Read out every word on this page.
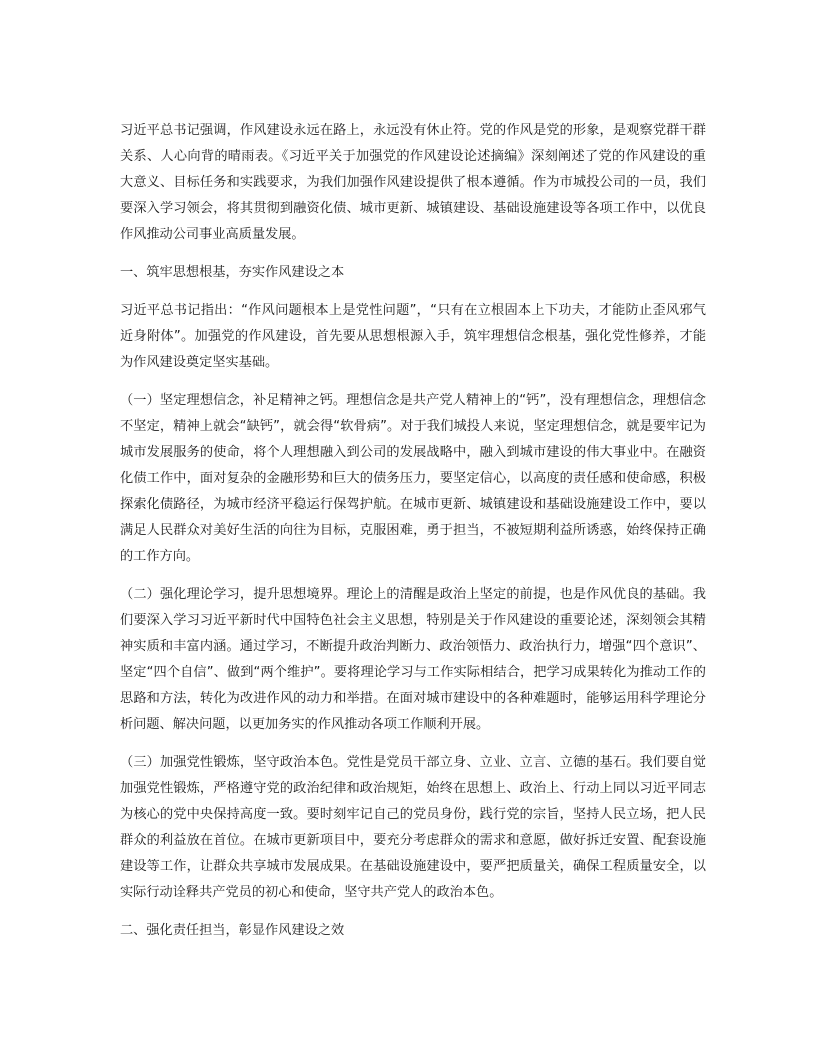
习近平总书记强调，作风建设永远在路上，永远没有休止符。党的作风是党的形象，是观察党群干群关系、人心向背的晴雨表。《习近平关于加强党的作风建设论述摘编》深刻阐述了党的作风建设的重大意义、目标任务和实践要求，为我们加强作风建设提供了根本遵循。作为市城投公司的一员，我们要深入学习领会，将其贯彻到融资化债、城市更新、城镇建设、基础设施建设等各项工作中，以优良作风推动公司事业高质量发展。

一、筑牢思想根基，夯实作风建设之本

习近平总书记指出：“作风问题根本上是党性问题”，“只有在立根固本上下功夫，才能防止歪风邪气近身附体”。加强党的作风建设，首先要从思想根源入手，筑牢理想信念根基，强化党性修养，才能为作风建设奠定坚实基础。

（一）坚定理想信念，补足精神之钙。理想信念是共产党人精神上的“钙”，没有理想信念，理想信念不坚定，精神上就会“缺钙”，就会得“软骨病”。对于我们城投人来说，坚定理想信念，就是要牢记为城市发展服务的使命，将个人理想融入到公司的发展战略中，融入到城市建设的伟大事业中。在融资化债工作中，面对复杂的金融形势和巨大的债务压力，要坚定信心，以高度的责任感和使命感，积极探索化债路径，为城市经济平稳运行保驾护航。在城市更新、城镇建设和基础设施建设工作中，要以满足人民群众对美好生活的向往为目标，克服困难，勇于担当，不被短期利益所诱惑，始终保持正确的工作方向。

（二）强化理论学习，提升思想境界。理论上的清醒是政治上坚定的前提，也是作风优良的基础。我们要深入学习习近平新时代中国特色社会主义思想，特别是关于作风建设的重要论述，深刻领会其精神实质和丰富内涵。通过学习，不断提升政治判断力、政治领悟力、政治执行力，增强“四个意识”、坚定“四个自信”、做到“两个维护”。要将理论学习与工作实际相结合，把学习成果转化为推动工作的思路和方法，转化为改进作风的动力和举措。在面对城市建设中的各种难题时，能够运用科学理论分析问题、解决问题，以更加务实的作风推动各项工作顺利开展。

（三）加强党性锻炼，坚守政治本色。党性是党员干部立身、立业、立言、立德的基石。我们要自觉加强党性锻炼，严格遵守党的政治纪律和政治规矩，始终在思想上、政治上、行动上同以习近平同志为核心的党中央保持高度一致。要时刻牢记自己的党员身份，践行党的宗旨，坚持人民立场，把人民群众的利益放在首位。在城市更新项目中，要充分考虑群众的需求和意愿，做好拆迁安置、配套设施建设等工作，让群众共享城市发展成果。在基础设施建设中，要严把质量关，确保工程质量安全，以实际行动诠释共产党员的初心和使命，坚守共产党人的政治本色。

二、强化责任担当，彰显作风建设之效
